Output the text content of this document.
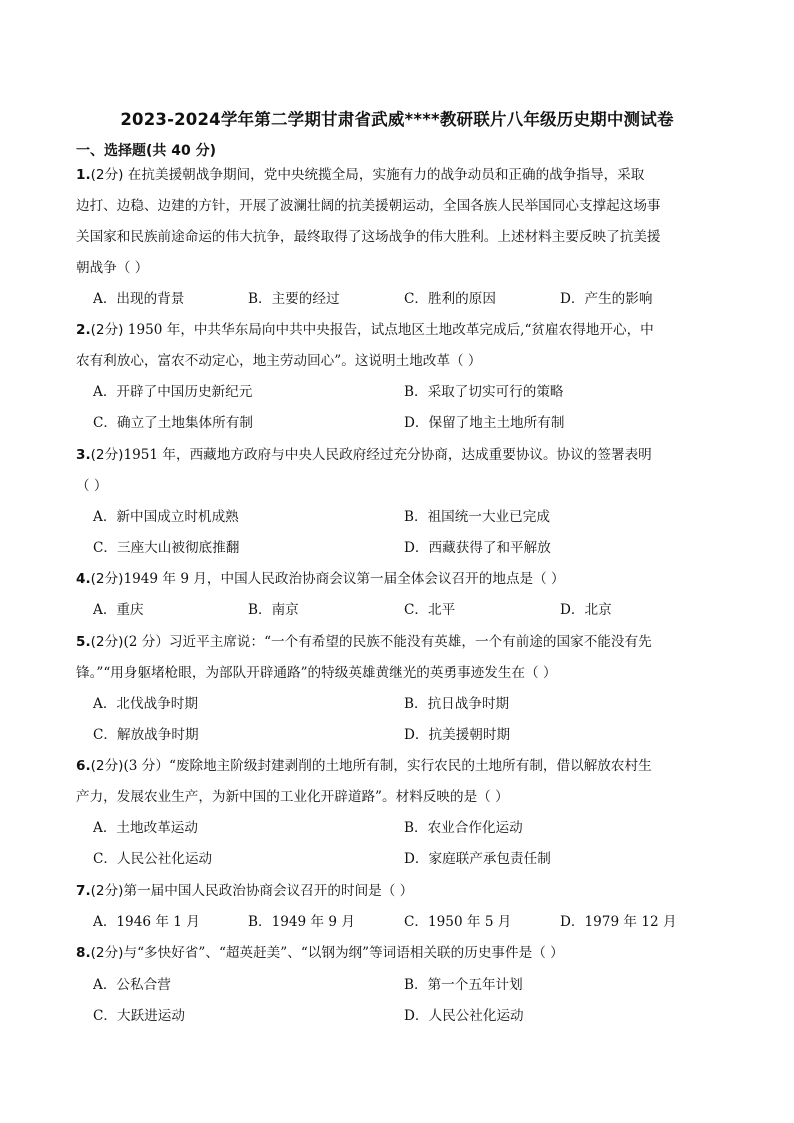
2023-2024学年第二学期甘肃省武威****教研联片八年级历史期中测试卷
一、选择题(共 40 分)
1.(2分) 在抗美援朝战争期间，党中央统揽全局，实施有力的战争动员和正确的战争指导，采取
边打、边稳、边建的方针，开展了波澜壮阔的抗美援朝运动，全国各族人民举国同心支撑起这场事
关国家和民族前途命运的伟大抗争，最终取得了这场战争的伟大胜利。上述材料主要反映了抗美援
朝战争（ ）
A．出现的背景	B．主要的经过	C．胜利的原因	D．产生的影响
2.(2分) 1950 年，中共华东局向中共中央报告，试点地区土地改革完成后,“贫雇农得地开心，中
农有利放心，富农不动定心，地主劳动回心”。这说明土地改革（ ）
A．开辟了中国历史新纪元	B．采取了切实可行的策略
C．确立了土地集体所有制	D．保留了地主土地所有制
3.(2分)1951 年，西藏地方政府与中央人民政府经过充分协商，达成重要协议。协议的签署表明
（ ）
A．新中国成立时机成熟	B．祖国统一大业已完成
C．三座大山被彻底推翻	D．西藏获得了和平解放
4.(2分)1949 年 9 月，中国人民政治协商会议第一届全体会议召开的地点是（ ）
A．重庆	B．南京	C．北平	D．北京
5.(2分)(2 分）习近平主席说：“一个有希望的民族不能没有英雄，一个有前途的国家不能没有先
锋。”“用身躯堵枪眼，为部队开辟通路”的特级英雄黄继光的英勇事迹发生在（ ）
A．北伐战争时期	B．抗日战争时期
C．解放战争时期	D．抗美援朝时期
6.(2分)(3 分）“废除地主阶级封建剥削的土地所有制，实行农民的土地所有制，借以解放农村生
产力，发展农业生产，为新中国的工业化开辟道路”。材料反映的是（ ）
A．土地改革运动	B．农业合作化运动
C．人民公社化运动	D．家庭联产承包责任制
7.(2分)第一届中国人民政治协商会议召开的时间是（ ）
A．1946 年 1 月	B．1949 年 9 月	C．1950 年 5 月	D．1979 年 12 月
8.(2分)与“多快好省”、“超英赶美”、“以钢为纲”等词语相关联的历史事件是（ ）
A．公私合营	B．第一个五年计划
C．大跃进运动	D．人民公社化运动
